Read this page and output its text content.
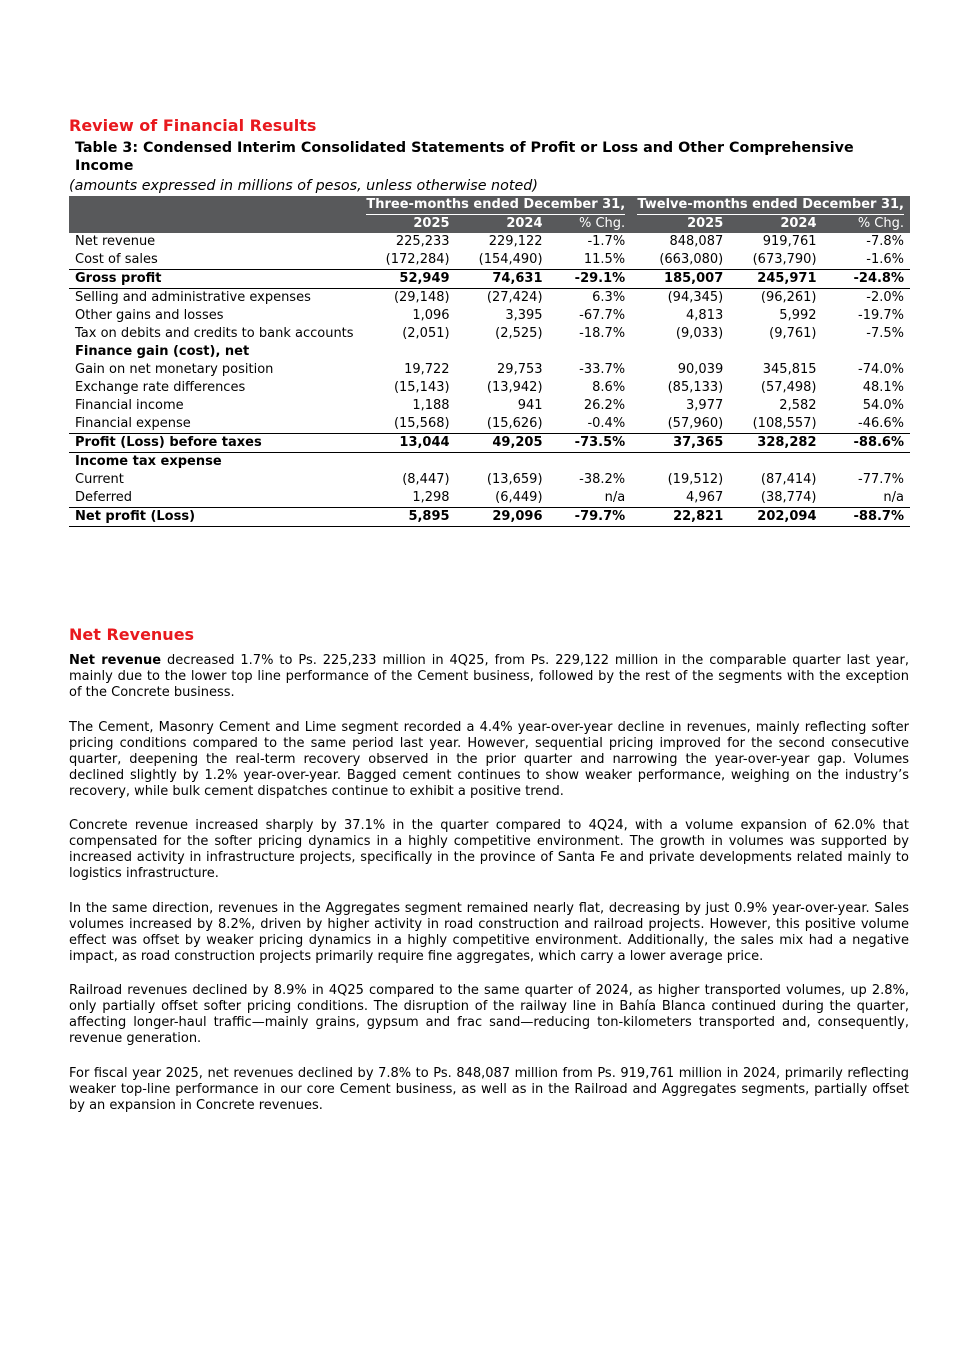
Review of Financial Results
Table 3: Condensed Interim Consolidated Statements of Profit or Loss and Other Comprehensive Income
(amounts expressed in millions of pesos, unless otherwise noted)
	Three-months ended December 31,			Twelve-months ended December 31,		
	2025	2024	% Chg.		2025	2024	% Chg.
Net revenue	225,233	229,122	-1.7%		848,087	919,761	-7.8%
Cost of sales	(172,284)	(154,490)	11.5%		(663,080)	(673,790)	-1.6%
Gross profit	52,949	74,631	-29.1%		185,007	245,971	-24.8%
Selling and administrative expenses	(29,148)	(27,424)	6.3%		(94,345)	(96,261)	-2.0%
Other gains and losses	1,096	3,395	-67.7%		4,813	5,992	-19.7%
Tax on debits and credits to bank accounts	(2,051)	(2,525)	-18.7%		(9,033)	(9,761)	-7.5%
Finance gain (cost), net							
Gain on net monetary position	19,722	29,753	-33.7%		90,039	345,815	-74.0%
Exchange rate differences	(15,143)	(13,942)	8.6%		(85,133)	(57,498)	48.1%
Financial income	1,188	941	26.2%		3,977	2,582	54.0%
Financial expense	(15,568)	(15,626)	-0.4%		(57,960)	(108,557)	-46.6%
Profit (Loss) before taxes	13,044	49,205	-73.5%		37,365	328,282	-88.6%
Income tax expense							
Current	(8,447)	(13,659)	-38.2%		(19,512)	(87,414)	-77.7%
Deferred	1,298	(6,449)	n/a		4,967	(38,774)	n/a
Net profit (Loss)	5,895	29,096	-79.7%		22,821	202,094	-88.7%
Net Revenues
Net revenue decreased 1.7% to Ps. 225,233 million in 4Q25, from Ps. 229,122 million in the comparable quarter last year, mainly due to the lower top line performance of the Cement business, followed by the rest of the segments with the exception of the Concrete business.
The Cement, Masonry Cement and Lime segment recorded a 4.4% year-over-year decline in revenues, mainly reflecting softer pricing conditions compared to the same period last year. However, sequential pricing improved for the second consecutive quarter, deepening the real-term recovery observed in the prior quarter and narrowing the year-over-year gap. Volumes declined slightly by 1.2% year-over-year. Bagged cement continues to show weaker performance, weighing on the industry’s recovery, while bulk cement dispatches continue to exhibit a positive trend.
Concrete revenue increased sharply by 37.1% in the quarter compared to 4Q24, with a volume expansion of 62.0% that compensated for the softer pricing dynamics in a highly competitive environment. The growth in volumes was supported by increased activity in infrastructure projects, specifically in the province of Santa Fe and private developments related mainly to logistics infrastructure.
In the same direction, revenues in the Aggregates segment remained nearly flat, decreasing by just 0.9% year-over-year. Sales volumes increased by 8.2%, driven by higher activity in road construction and railroad projects. However, this positive volume effect was offset by weaker pricing dynamics in a highly competitive environment. Additionally, the sales mix had a negative impact, as road construction projects primarily require fine aggregates, which carry a lower average price.
Railroad revenues declined by 8.9% in 4Q25 compared to the same quarter of 2024, as higher transported volumes, up 2.8%, only partially offset softer pricing conditions. The disruption of the railway line in Bahía Blanca continued during the quarter, affecting longer-haul traffic—mainly grains, gypsum and frac sand—reducing ton-kilometers transported and, consequently, revenue generation.
For fiscal year 2025, net revenues declined by 7.8% to Ps. 848,087 million from Ps. 919,761 million in 2024, primarily reflecting weaker top-line performance in our core Cement business, as well as in the Railroad and Aggregates segments, partially offset by an expansion in Concrete revenues.
